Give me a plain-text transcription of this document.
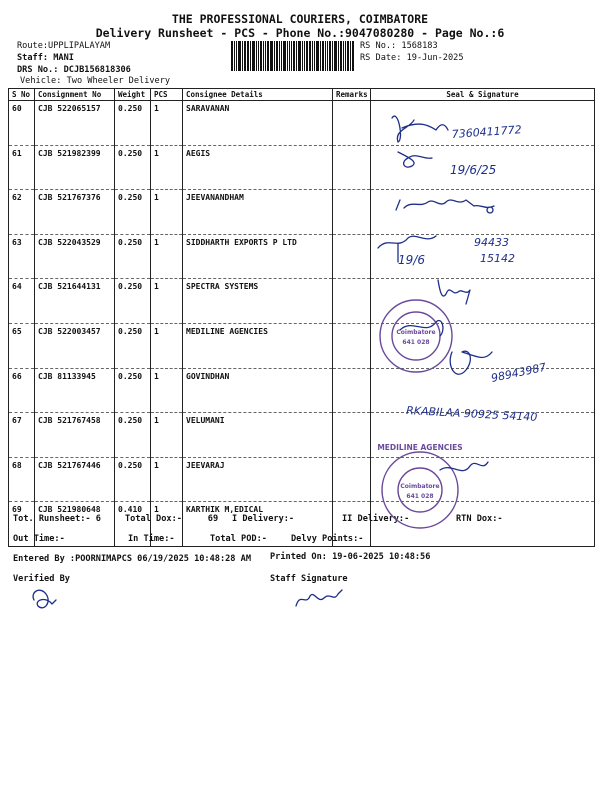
THE PROFESSIONAL COURIERS, COIMBATORE
Delivery Runsheet - PCS - Phone No.:9047080280 - Page No.:6
Route:UPPLIPALAYAM
Staff: MANI
DRS No.: DCJB156818306
Vehicle: Two Wheeler Delivery
RS No.: 1568183
RS Date: 19-Jun-2025
S No	Consignment No	Weight	PCS	Consignee Details	Remarks	Seal & Signature
60	CJB 522065157	0.250	1	SARAVANAN		
61	CJB 521982399	0.250	1	AEGIS		
62	CJB 521767376	0.250	1	JEEVANANDHAM		
63	CJB 522043529	0.250	1	SIDDHARTH EXPORTS P LTD		
64	CJB 521644131	0.250	1	SPECTRA SYSTEMS		
65	CJB 522003457	0.250	1	MEDILINE AGENCIES		
66	CJB 81133945	0.250	1	GOVINDHAN		
67	CJB 521767458	0.250	1	VELUMANI		
68	CJB 521767446	0.250	1	JEEVARAJ		
69	CJB 521980648	0.410	1	KARTHIK M,EDICAL		
Tot. Runsheet:- 6	Total Dox:-	69 I Delivery:-	II Delivery:-	RTN Dox:-
Out Time:-	In Time:-	Total POD:-	Delvy Points:-
Entered By :POORNIMAPCS 06/19/2025 10:48:28 AM Printed On: 19-06-2025 10:48:56
Verified By	Staff Signature
7360411772
19/6/25
19/6
94433
15142
Coimbatore
641 028
98943987
RKABILAA 90925 54140
MEDILINE AGENCIES
Coimbatore
641 028
